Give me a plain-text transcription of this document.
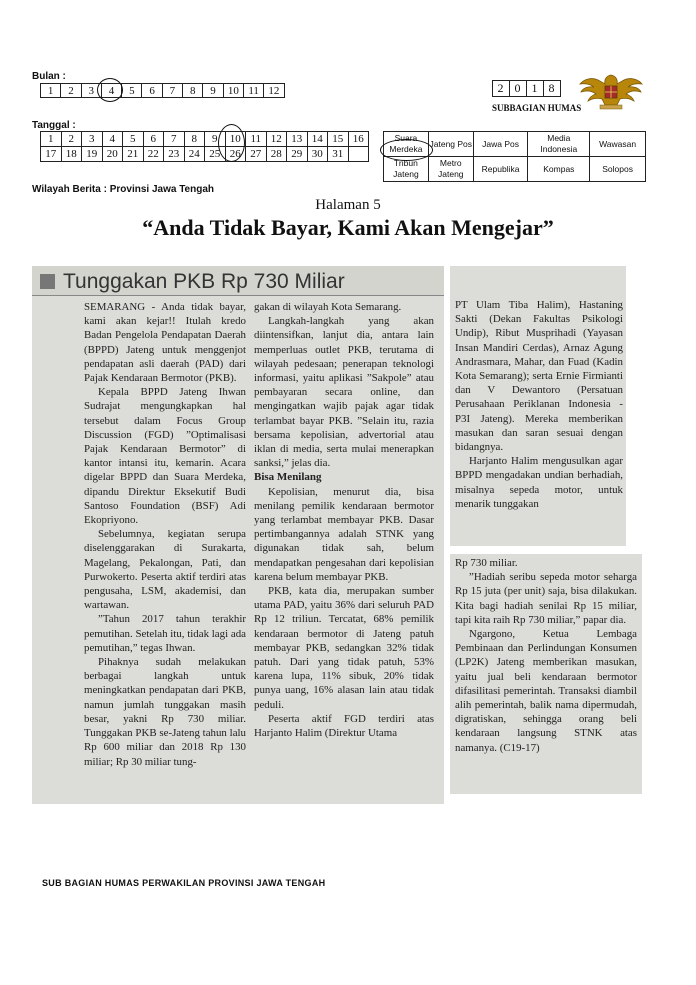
Bulan :
1	2	3	4	5	6	7	8	9	10	11	12
Tanggal :
1	2	3	4	5	6	7	8	9	10	11	12	13	14	15	16
17	18	19	20	21	22	23	24	25	26	27	28	29	30	31	
Wilayah Berita : Provinsi Jawa Tengah
2	0	1	8
SUBBAGIAN HUMAS
Suara Merdeka	Jateng Pos	Jawa Pos	Media Indonesia	Wawasan
Tribun Jateng	Metro Jateng	Republika	Kompas	Solopos
Halaman 5
“Anda Tidak Bayar, Kami Akan Mengejar”
Tunggakan PKB Rp 730 Miliar

SEMARANG - Anda tidak bayar, kami akan kejar!! Itulah kredo Badan Pengelola Pendapatan Daerah (BPPD) Jateng untuk menggenjot pendapatan asli daerah (PAD) dari Pajak Kendaraan Bermotor (PKB).

Kepala BPPD Jateng Ihwan Sudrajat mengungkapkan hal tersebut dalam Focus Group Discussion (FGD) ”Optimalisasi Pajak Kendaraan Bermotor” di kantor intansi itu, kemarin. Acara digelar BPPD dan Suara Merdeka, dipandu Direktur Eksekutif Budi Santoso Foundation (BSF) Adi Ekopriyono.

Sebelumnya, kegiatan serupa diselenggarakan di Surakarta, Magelang, Pekalongan, Pati, dan Purwokerto. Peserta aktif terdiri atas pengusaha, LSM, akademisi, dan wartawan.

”Tahun 2017 tahun terakhir pemutihan. Setelah itu, tidak lagi ada pemutihan,” tegas Ihwan.

Pihaknya sudah melakukan berbagai langkah untuk meningkatkan pendapatan dari PKB, namun jumlah tunggakan masih besar, yakni Rp 730 miliar. Tunggakan PKB se-Jateng tahun lalu Rp 600 miliar dan 2018 Rp 130 miliar; Rp 30 miliar tung-

gakan di wilayah Kota Semarang.

Langkah-langkah yang akan diintensifkan, lanjut dia, antara lain memperluas outlet PKB, terutama di wilayah pedesaan; penerapan teknologi informasi, yaitu aplikasi ”Sakpole” atau pembayaran secara online, dan mengingatkan wajib pajak agar tidak terlambat bayar PKB. ”Selain itu, razia bersama kepolisian, advertorial atau iklan di media, serta mulai menerapkan sanksi,” jelas dia.

Bisa Menilang

Kepolisian, menurut dia, bisa menilang pemilik kendaraan bermotor yang terlambat membayar PKB. Dasar pertimbangannya adalah STNK yang digunakan tidak sah, belum mendapatkan pengesahan dari kepolisian karena belum membayar PKB.

PKB, kata dia, merupakan sumber utama PAD, yaitu 36% dari seluruh PAD Rp 12 triliun. Tercatat, 68% pemilik kendaraan bermotor di Jateng patuh membayar PKB, sedangkan 32% tidak patuh. Dari yang tidak patuh, 53% karena lupa, 11% sibuk, 20% tidak punya uang, 16% alasan lain atau tidak peduli.

Peserta aktif FGD terdiri atas Harjanto Halim (Direktur Utama

PT Ulam Tiba Halim), Hastaning Sakti (Dekan Fakultas Psikologi Undip), Ribut Musprihadi (Yayasan Insan Mandiri Cerdas), Arnaz Agung Andrasmara, Mahar, dan Fuad (Kadin Kota Semarang); serta Ernie Firmianti dan V Dewantoro (Persatuan Perusahaan Periklanan Indonesia - P3I Jateng). Mereka memberikan masukan dan saran sesuai dengan bidangnya.

Harjanto Halim mengusulkan agar BPPD mengadakan undian berhadiah, misalnya sepeda motor, untuk menarik tunggakan

Rp 730 miliar.

”Hadiah seribu sepeda motor seharga Rp 15 juta (per unit) saja, bisa dilakukan. Kita bagi hadiah senilai Rp 15 miliar, tapi kita raih Rp 730 miliar,” papar dia.

Ngargono, Ketua Lembaga Pembinaan dan Perlindungan Konsumen (LP2K) Jateng memberikan masukan, yaitu jual beli kendaraan bermotor difasilitasi pemerintah. Transaksi diambil alih pemerintah, balik nama dipermudah, digratiskan, sehingga orang beli kendaraan langsung STNK atas namanya. (C19-17)

SUB BAGIAN HUMAS PERWAKILAN PROVINSI JAWA TENGAH
